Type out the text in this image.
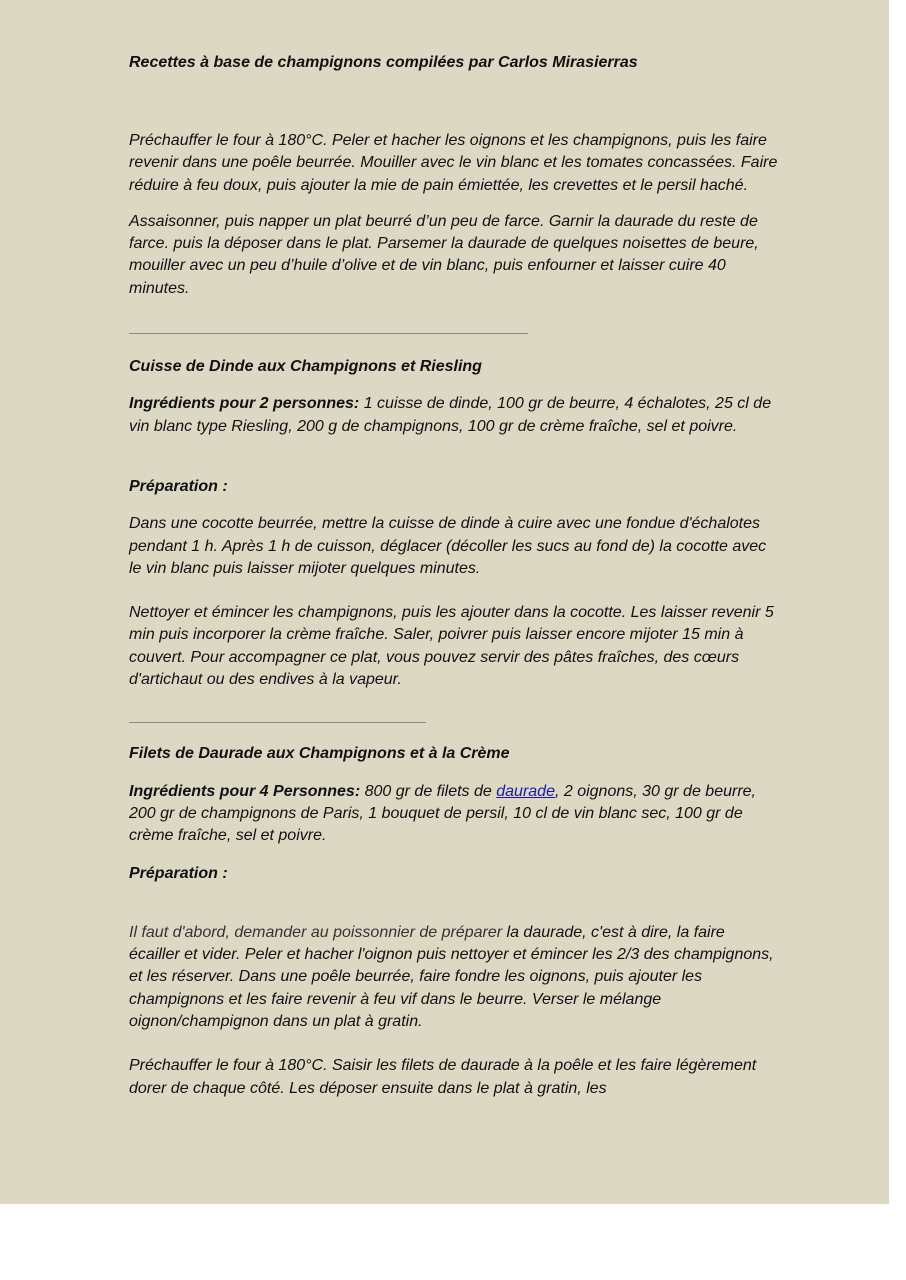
Recettes à base de champignons compilées par Carlos Mirasierras

Préchauffer le four à 180°C. Peler et hacher les oignons et les champignons, puis les faire revenir dans une poêle beurrée. Mouiller avec le vin blanc et les tomates concassées. Faire réduire à feu doux, puis ajouter la mie de pain émiettée, les crevettes et le persil haché.

Assaisonner, puis napper un plat beurré d’un peu de farce. Garnir la daurade du reste de farce. puis la déposer dans le plat. Parsemer la daurade de quelques noisettes de beure, mouiller avec un peu d’huile d’olive et de vin blanc, puis enfourner et laisser cuire 40 minutes.

Cuisse de Dinde aux Champignons et Riesling

Ingrédients pour 2 personnes: 1 cuisse de dinde, 100 gr de beurre, 4 échalotes, 25 cl de vin blanc type Riesling, 200 g de champignons, 100 gr de crème fraîche, sel et poivre.

Préparation :

Dans une cocotte beurrée, mettre la cuisse de dinde à cuire avec une fondue d'échalotes pendant 1 h. Après 1 h de cuisson, déglacer (décoller les sucs au fond de) la cocotte avec le vin blanc puis laisser mijoter quelques minutes.

Nettoyer et émincer les champignons, puis les ajouter dans la cocotte. Les laisser revenir 5 min puis incorporer la crème fraîche. Saler, poivrer puis laisser encore mijoter 15 min à couvert. Pour accompagner ce plat, vous pouvez servir des pâtes fraîches, des cœurs d'artichaut ou des endives à la vapeur.

Filets de Daurade aux Champignons et à la Crème

Ingrédients pour 4 Personnes: 800 gr de filets de daurade, 2 oignons, 30 gr de beurre, 200 gr de champignons de Paris, 1 bouquet de persil, 10 cl de vin blanc sec, 100 gr de crème fraîche, sel et poivre.

Préparation :

Il faut d'abord, demander au poissonnier de préparer la daurade, c'est à dire, la faire écailler et vider. Peler et hacher l'oignon puis nettoyer et émincer les 2/3 des champignons, et les réserver. Dans une poêle beurrée, faire fondre les oignons, puis ajouter les champignons et les faire revenir à feu vif dans le beurre. Verser le mélange oignon/champignon dans un plat à gratin.

Préchauffer le four à 180°C. Saisir les filets de daurade à la poêle et les faire légèrement dorer de chaque côté. Les déposer ensuite dans le plat à gratin, les
